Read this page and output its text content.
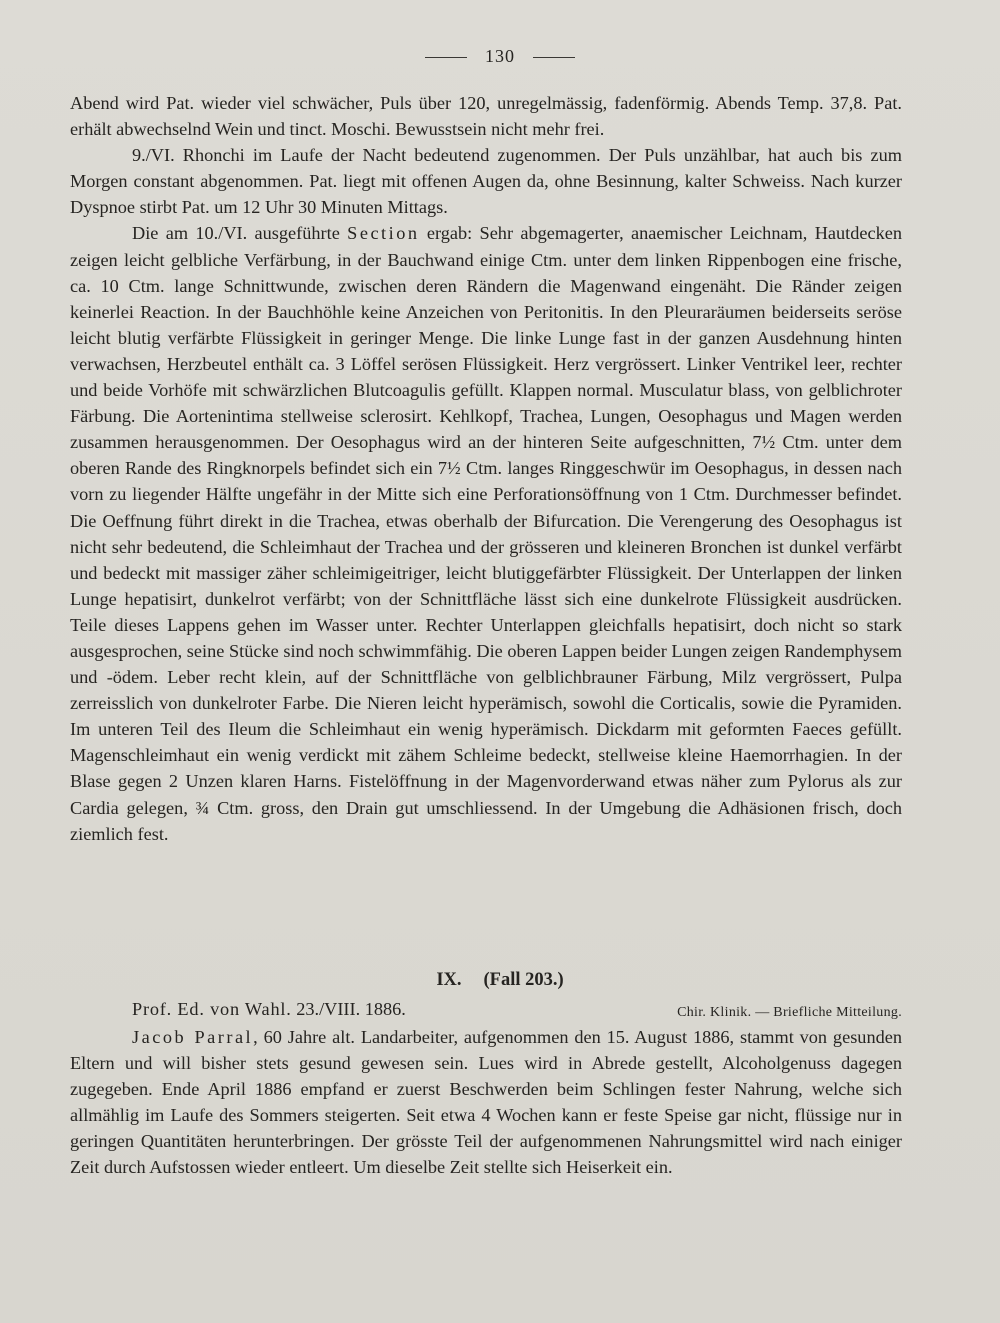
130

Abend wird Pat. wieder viel schwächer, Puls über 120, unregelmässig, fadenförmig. Abends Temp. 37,8. Pat. erhält abwechselnd Wein und tinct. Moschi. Bewusstsein nicht mehr frei.

9./VI. Rhonchi im Laufe der Nacht bedeutend zugenommen. Der Puls unzählbar, hat auch bis zum Morgen constant abgenommen. Pat. liegt mit offenen Augen da, ohne Besinnung, kalter Schweiss. Nach kurzer Dyspnoe stirbt Pat. um 12 Uhr 30 Minuten Mittags.

Die am 10./VI. ausgeführte Section ergab: Sehr abgemagerter, anaemischer Leichnam, Hautdecken zeigen leicht gelbliche Verfärbung, in der Bauchwand einige Ctm. unter dem linken Rippenbogen eine frische, ca. 10 Ctm. lange Schnittwunde, zwischen deren Rändern die Magenwand eingenäht. Die Ränder zeigen keinerlei Reaction. In der Bauchhöhle keine Anzeichen von Peritonitis. In den Pleuraräumen beiderseits seröse leicht blutig verfärbte Flüssigkeit in geringer Menge. Die linke Lunge fast in der ganzen Ausdehnung hinten verwachsen, Herzbeutel enthält ca. 3 Löffel serösen Flüssigkeit. Herz vergrössert. Linker Ventrikel leer, rechter und beide Vorhöfe mit schwärzlichen Blutcoagulis gefüllt. Klappen normal. Musculatur blass, von gelblichroter Färbung. Die Aortenintima stellweise sclerosirt. Kehlkopf, Trachea, Lungen, Oesophagus und Magen werden zusammen herausgenommen. Der Oesophagus wird an der hinteren Seite aufgeschnitten, 7½ Ctm. unter dem oberen Rande des Ringknorpels befindet sich ein 7½ Ctm. langes Ringgeschwür im Oesophagus, in dessen nach vorn zu liegender Hälfte ungefähr in der Mitte sich eine Perforationsöffnung von 1 Ctm. Durchmesser befindet. Die Oeffnung führt direkt in die Trachea, etwas oberhalb der Bifurcation. Die Verengerung des Oesophagus ist nicht sehr bedeutend, die Schleimhaut der Trachea und der grösseren und kleineren Bronchen ist dunkel verfärbt und bedeckt mit massiger zäher schleimigeitriger, leicht blutiggefärbter Flüssigkeit. Der Unterlappen der linken Lunge hepatisirt, dunkelrot verfärbt; von der Schnittfläche lässt sich eine dunkelrote Flüssigkeit ausdrücken. Teile dieses Lappens gehen im Wasser unter. Rechter Unterlappen gleichfalls hepatisirt, doch nicht so stark ausgesprochen, seine Stücke sind noch schwimmfähig. Die oberen Lappen beider Lungen zeigen Randemphysem und -ödem. Leber recht klein, auf der Schnittfläche von gelblichbrauner Färbung, Milz vergrössert, Pulpa zerreisslich von dunkelroter Farbe. Die Nieren leicht hyperämisch, sowohl die Corticalis, sowie die Pyramiden. Im unteren Teil des Ileum die Schleimhaut ein wenig hyperämisch. Dickdarm mit geformten Faeces gefüllt. Magenschleimhaut ein wenig verdickt mit zähem Schleime bedeckt, stellweise kleine Haemorrhagien. In der Blase gegen 2 Unzen klaren Harns. Fistelöffnung in der Magenvorderwand etwas näher zum Pylorus als zur Cardia gelegen, ¾ Ctm. gross, den Drain gut umschliessend. In der Umgebung die Adhäsionen frisch, doch ziemlich fest.

IX. (Fall 203.)
Chir. Klinik. — Briefliche Mitteilung.
Prof. Ed. von Wahl. 23./VIII. 1886.

Jacob Parral, 60 Jahre alt. Landarbeiter, aufgenommen den 15. August 1886, stammt von gesunden Eltern und will bisher stets gesund gewesen sein. Lues wird in Abrede gestellt, Alcoholgenuss dagegen zugegeben. Ende April 1886 empfand er zuerst Beschwerden beim Schlingen fester Nahrung, welche sich allmählig im Laufe des Sommers steigerten. Seit etwa 4 Wochen kann er feste Speise gar nicht, flüssige nur in geringen Quantitäten herunterbringen. Der grösste Teil der aufgenommenen Nahrungsmittel wird nach einiger Zeit durch Aufstossen wieder entleert. Um dieselbe Zeit stellte sich Heiserkeit ein.
